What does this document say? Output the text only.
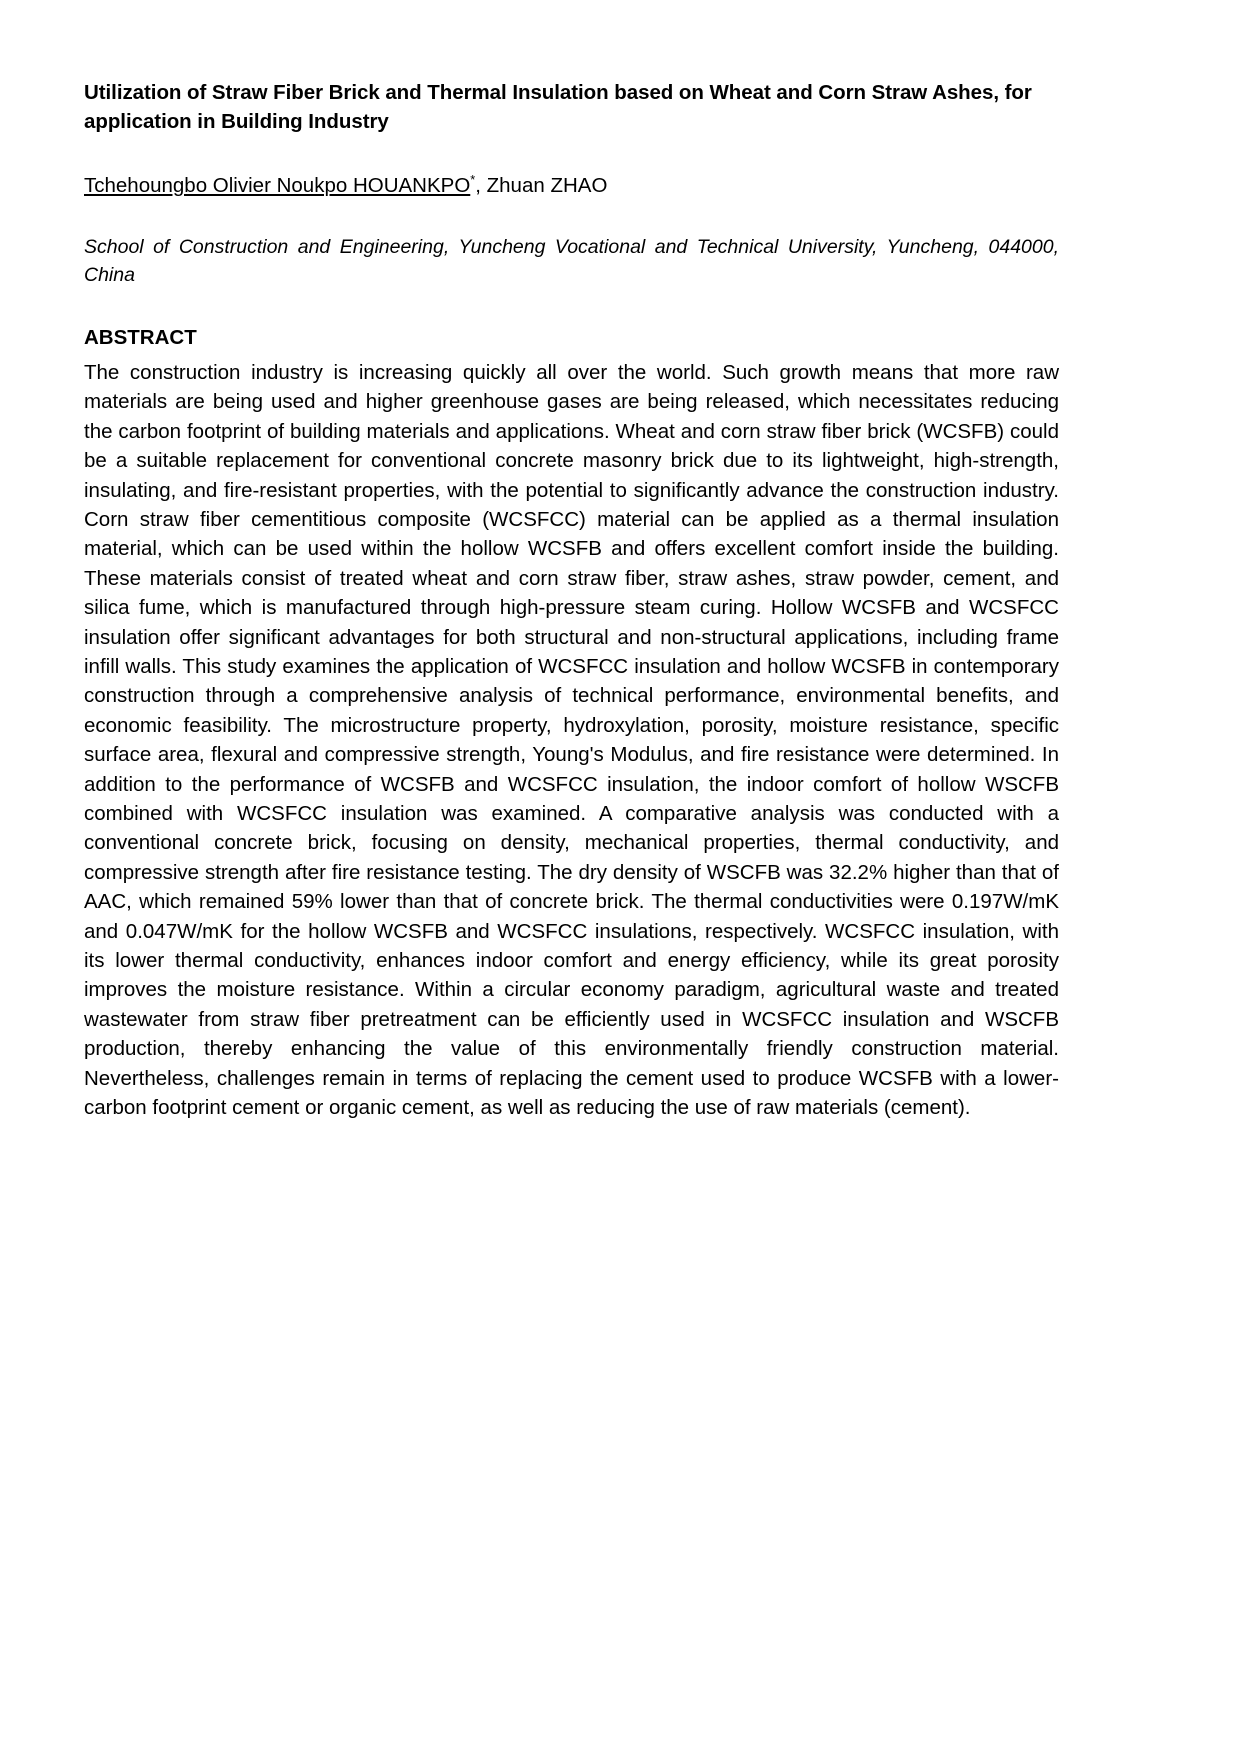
Utilization of Straw Fiber Brick and Thermal Insulation based on Wheat and Corn Straw Ashes, for application in Building Industry
Tchehoungbo Olivier Noukpo HOUANKPO*, Zhuan ZHAO
School of Construction and Engineering, Yuncheng Vocational and Technical University, Yuncheng, 044000, China
ABSTRACT

The construction industry is increasing quickly all over the world. Such growth means that more raw materials are being used and higher greenhouse gases are being released, which necessitates reducing the carbon footprint of building materials and applications. Wheat and corn straw fiber brick (WCSFB) could be a suitable replacement for conventional concrete masonry brick due to its lightweight, high-strength, insulating, and fire-resistant properties, with the potential to significantly advance the construction industry. Corn straw fiber cementitious composite (WCSFCC) material can be applied as a thermal insulation material, which can be used within the hollow WCSFB and offers excellent comfort inside the building. These materials consist of treated wheat and corn straw fiber, straw ashes, straw powder, cement, and silica fume, which is manufactured through high-pressure steam curing. Hollow WCSFB and WCSFCC insulation offer significant advantages for both structural and non-structural applications, including frame infill walls. This study examines the application of WCSFCC insulation and hollow WCSFB in contemporary construction through a comprehensive analysis of technical performance, environmental benefits, and economic feasibility. The microstructure property, hydroxylation, porosity, moisture resistance, specific surface area, flexural and compressive strength, Young's Modulus, and fire resistance were determined. In addition to the performance of WCSFB and WCSFCC insulation, the indoor comfort of hollow WSCFB combined with WCSFCC insulation was examined. A comparative analysis was conducted with a conventional concrete brick, focusing on density, mechanical properties, thermal conductivity, and compressive strength after fire resistance testing. The dry density of WSCFB was 32.2% higher than that of AAC, which remained 59% lower than that of concrete brick. The thermal conductivities were 0.197W/mK and 0.047W/mK for the hollow WCSFB and WCSFCC insulations, respectively. WCSFCC insulation, with its lower thermal conductivity, enhances indoor comfort and energy efficiency, while its great porosity improves the moisture resistance. Within a circular economy paradigm, agricultural waste and treated wastewater from straw fiber pretreatment can be efficiently used in WCSFCC insulation and WSCFB production, thereby enhancing the value of this environmentally friendly construction material. Nevertheless, challenges remain in terms of replacing the cement used to produce WCSFB with a lower-carbon footprint cement or organic cement, as well as reducing the use of raw materials (cement).
